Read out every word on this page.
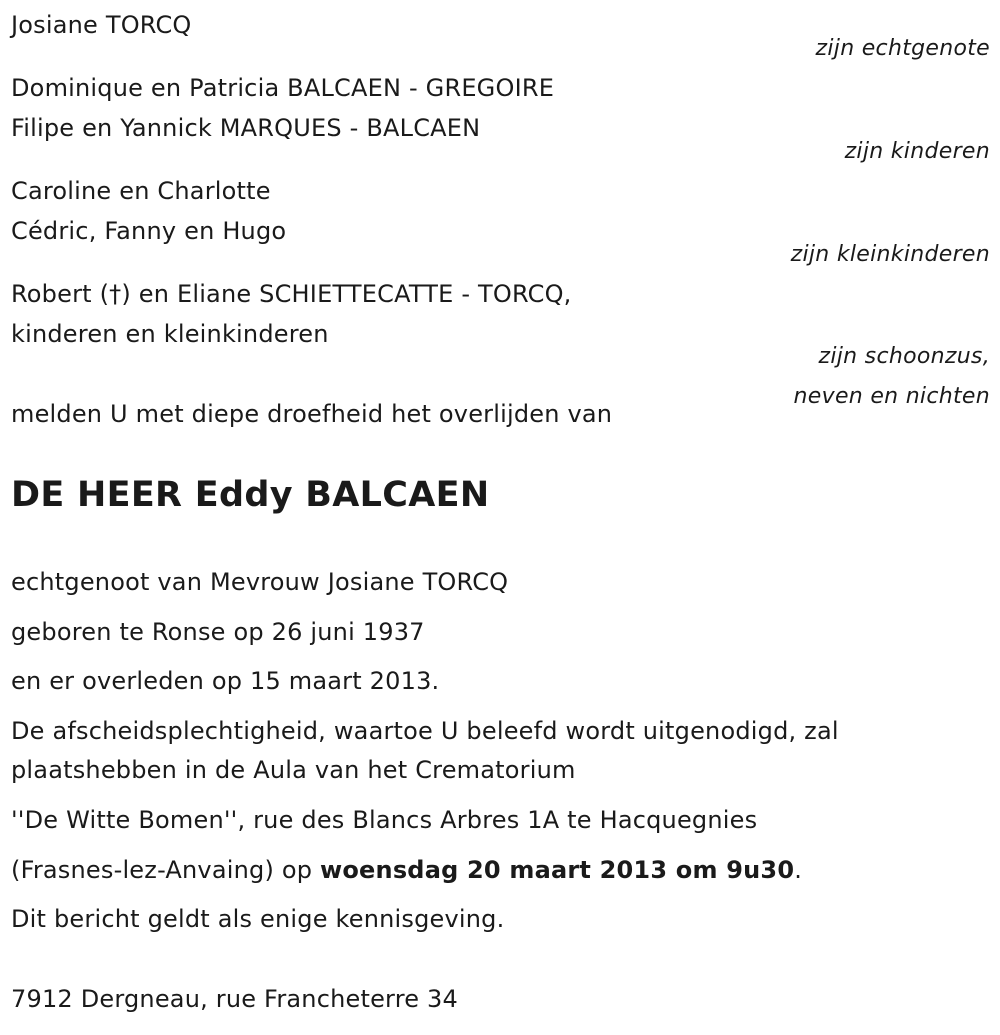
Josiane TORCQ
zijn echtgenote
Dominique en Patricia BALCAEN - GREGOIRE
Filipe en Yannick MARQUES - BALCAEN
zijn kinderen
Caroline en Charlotte
Cédric, Fanny en Hugo
zijn kleinkinderen
Robert (†) en Eliane SCHIETTECATTE - TORCQ,
kinderen en kleinkinderen
zijn schoonzus,
neven en nichten
melden U met diepe droefheid het overlijden van
DE HEER Eddy BALCAEN
echtgenoot van Mevrouw Josiane TORCQ
geboren te Ronse op 26 juni 1937
en er overleden op 15 maart 2013.
De afscheidsplechtigheid, waartoe U beleefd wordt uitgenodigd, zal
plaatshebben in de Aula van het Crematorium
''De Witte Bomen'', rue des Blancs Arbres 1A te Hacquegnies
(Frasnes-lez-Anvaing) op woensdag 20 maart 2013 om 9u30.
Dit bericht geldt als enige kennisgeving.
7912 Dergneau, rue Francheterre 34
